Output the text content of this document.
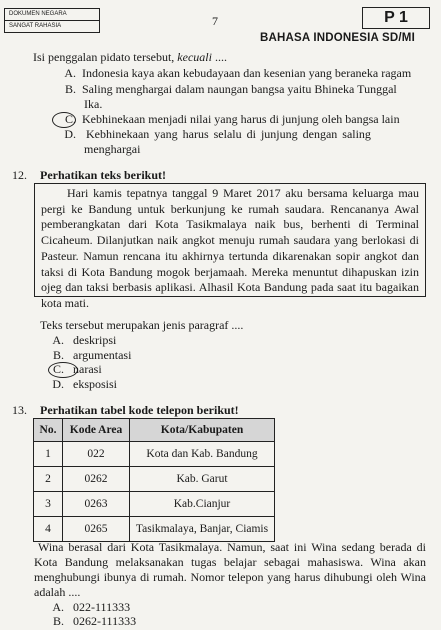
DOKUMEN NEGARA
SANGAT RAHASIA	7	P 1
BAHASA INDONESIA SD/MI
Isi penggalan pidato tersebut, kecuali ....
A. Indonesia kaya akan kebudayaan dan kesenian yang beraneka ragam
B. Saling menghargai dalam naungan bangsa yaitu Bhineka Tunggal
Ika.
C. Kebhinekaan menjadi nilai yang harus di junjung oleh bangsa lain
D. Kebhinekaan yang harus selalu di junjung dengan saling
menghargai
12. Perhatikan teks berikut!

Hari kamis tepatnya tanggal 9 Maret 2017 aku bersama keluarga mau pergi ke Bandung untuk berkunjung ke rumah saudara. Rencananya Awal pemberangkatan dari Kota Tasikmalaya naik bus, berhenti di Terminal Cicaheum. Dilanjutkan naik angkot menuju rumah saudara yang berlokasi di Pasteur. Namun rencana itu akhirnya tertunda dikarenakan sopir angkot dan taksi di Kota Bandung mogok berjamaah. Mereka menuntut dihapuskan izin ojeg dan taksi berbasis aplikasi. Alhasil Kota Bandung pada saat itu bagaikan kota mati.

Teks tersebut merupakan jenis paragraf ....
A. deskripsi
B. argumentasi
C. narasi
D. eksposisi
13. Perhatikan tabel kode telepon berikut!
No.	Kode Area	Kota/Kabupaten
1	022	Kota dan Kab. Bandung
2	0262	Kab. Garut
3	0263	Kab.Cianjur
4	0265	Tasikmalaya, Banjar, Ciamis

Wina berasal dari Kota Tasikmalaya. Namun, saat ini Wina sedang berada di Kota Bandung melaksanakan tugas belajar sebagai mahasiswa. Wina akan menghubungi ibunya di rumah. Nomor telepon yang harus dihubungi oleh Wina adalah ....

A. 022-111333
B. 0262-111333
